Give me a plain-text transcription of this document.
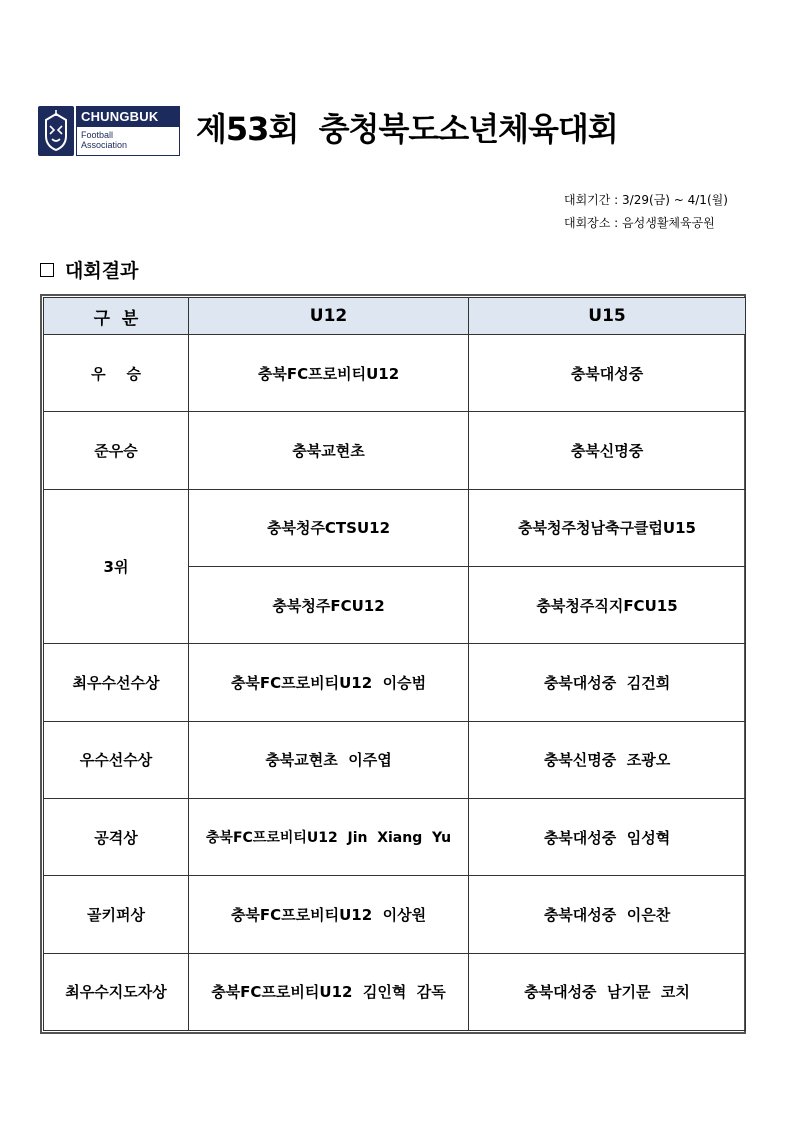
CHUNGBUK
Football
Association 제53회  충청북도소년체육대회
대회기간 : 3/29(금) ~ 4/1(월)
대회장소 : 음성생활체육공원
대회결과
구  분	U12	U15
우    승	충북FC프로비티U12	충북대성중
준우승	충북교현초	충북신명중
3위	충북청주CTSU12	충북청주청남축구클럽U15
	충북청주FCU12	충북청주직지FCU15
최우수선수상	충북FC프로비티U12  이승범	충북대성중  김건희
우수선수상	충북교현초  이주엽	충북신명중  조광오
공격상	충북FC프로비티U12  Jin  Xiang  Yu	충북대성중  임성혁
골키퍼상	충북FC프로비티U12  이상원	충북대성중  이은찬
최우수지도자상	충북FC프로비티U12  김인혁  감독	충북대성중  남기문  코치
